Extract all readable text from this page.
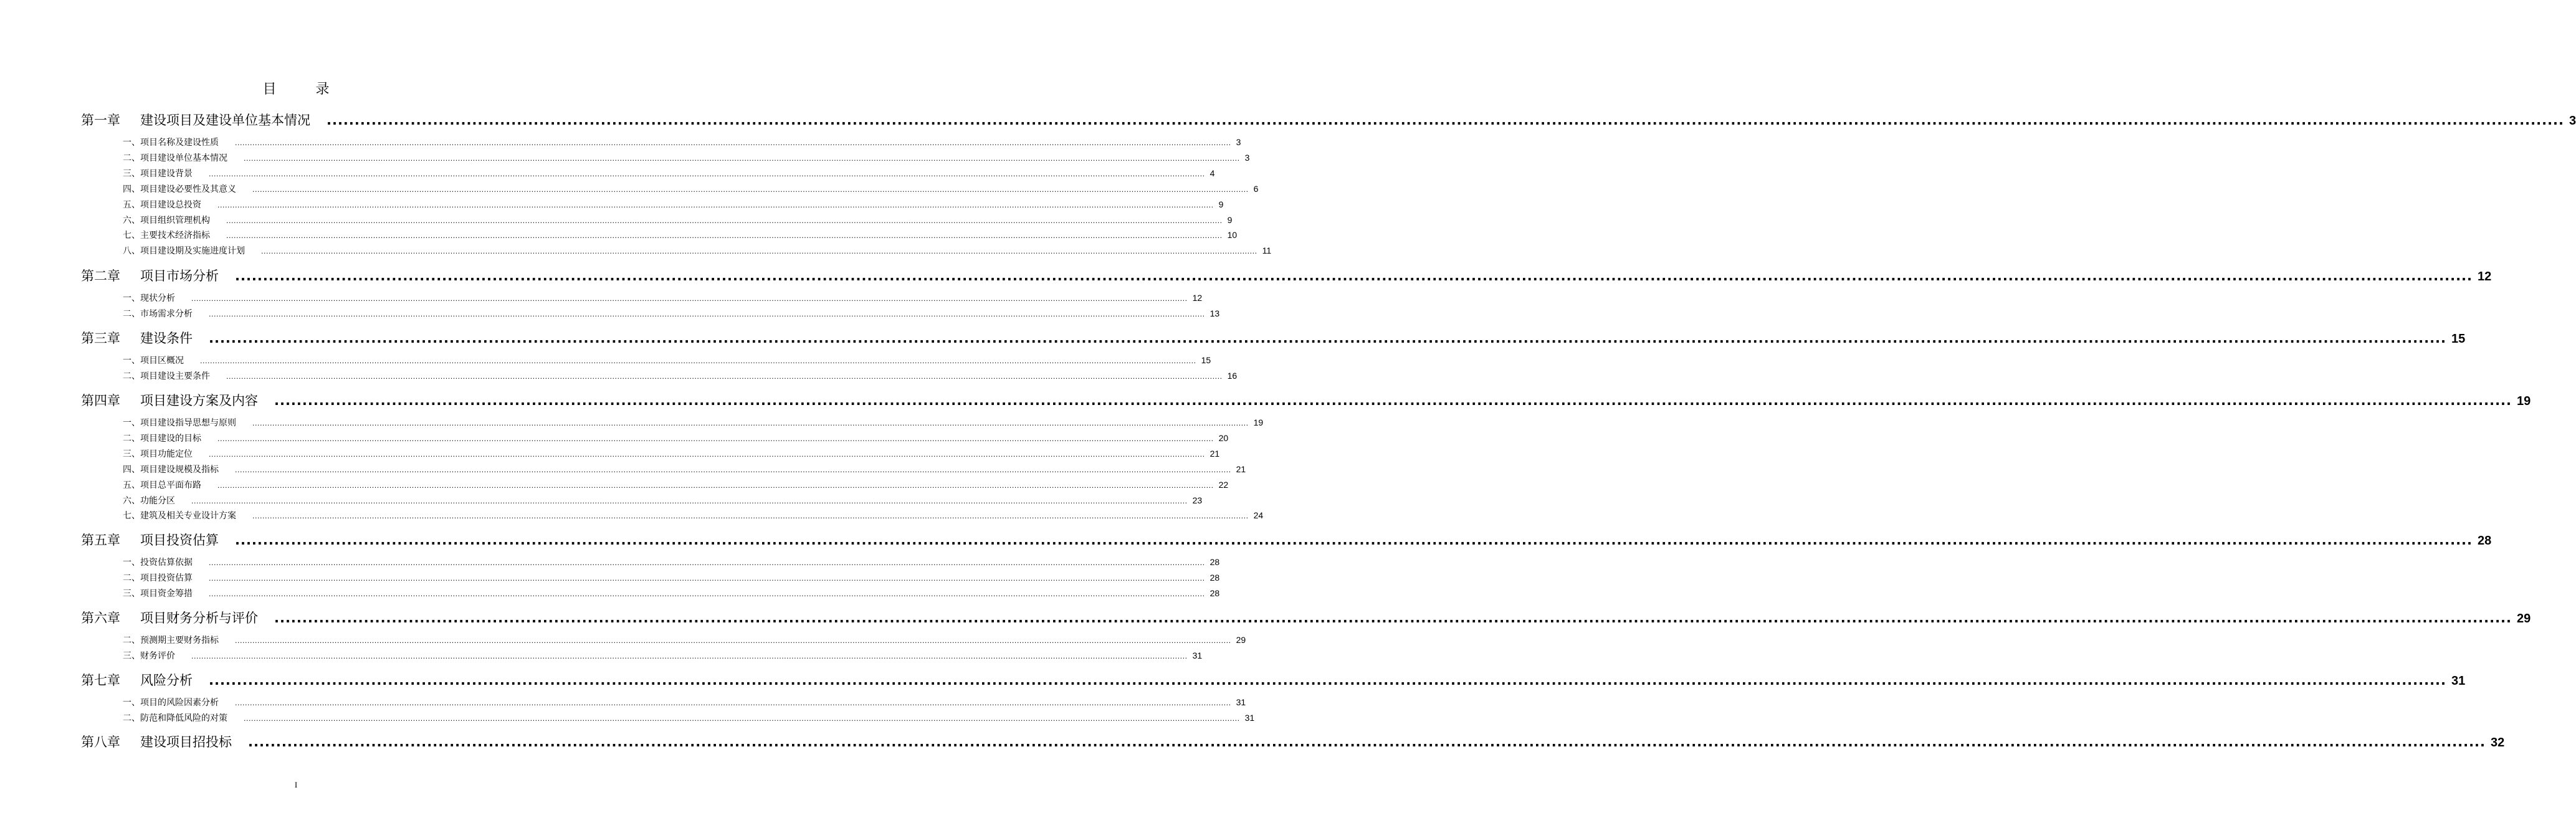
目 录
第一章	建设项目及建设单位基本情况 ................................................................................................................................................................................................................................................................................................................................................................................................................ 3
一、项目名称及建设性质 ................................................................................................................................................................................................................................................................................................................................................................................................................ 3
二、项目建设单位基本情况 ................................................................................................................................................................................................................................................................................................................................................................................................................ 3
三、项目建设背景 ................................................................................................................................................................................................................................................................................................................................................................................................................ 4
四、项目建设必要性及其意义 ................................................................................................................................................................................................................................................................................................................................................................................................................ 6
五、项目建设总投资 ................................................................................................................................................................................................................................................................................................................................................................................................................ 9
六、项目组织管理机构 ................................................................................................................................................................................................................................................................................................................................................................................................................ 9
七、主要技术经济指标 ................................................................................................................................................................................................................................................................................................................................................................................................................ 10
八、项目建设期及实施进度计划 ................................................................................................................................................................................................................................................................................................................................................................................................................ 11
第二章	项目市场分析 ................................................................................................................................................................................................................................................................................................................................................................................................................ 12
一、现状分析 ................................................................................................................................................................................................................................................................................................................................................................................................................ 12
二、市场需求分析 ................................................................................................................................................................................................................................................................................................................................................................................................................ 13
第三章	建设条件 ................................................................................................................................................................................................................................................................................................................................................................................................................ 15
一、项目区概况 ................................................................................................................................................................................................................................................................................................................................................................................................................ 15
二、项目建设主要条件 ................................................................................................................................................................................................................................................................................................................................................................................................................ 16
第四章	项目建设方案及内容 ................................................................................................................................................................................................................................................................................................................................................................................................................ 19
一、项目建设指导思想与原则 ................................................................................................................................................................................................................................................................................................................................................................................................................ 19
二、项目建设的目标 ................................................................................................................................................................................................................................................................................................................................................................................................................ 20
三、项目功能定位 ................................................................................................................................................................................................................................................................................................................................................................................................................ 21
四、项目建设规模及指标 ................................................................................................................................................................................................................................................................................................................................................................................................................ 21
五、项目总平面布路 ................................................................................................................................................................................................................................................................................................................................................................................................................ 22
六、功能分区 ................................................................................................................................................................................................................................................................................................................................................................................................................ 23
七、建筑及相关专业设计方案 ................................................................................................................................................................................................................................................................................................................................................................................................................ 24
第五章	项目投资估算 ................................................................................................................................................................................................................................................................................................................................................................................................................ 28
一、投资估算依据 ................................................................................................................................................................................................................................................................................................................................................................................................................ 28
二、项目投资估算 ................................................................................................................................................................................................................................................................................................................................................................................................................ 28
三、项目资金筹措 ................................................................................................................................................................................................................................................................................................................................................................................................................ 28
第六章	项目财务分析与评价 ................................................................................................................................................................................................................................................................................................................................................................................................................ 29
二、预测期主要财务指标 ................................................................................................................................................................................................................................................................................................................................................................................................................ 29
三、财务评价 ................................................................................................................................................................................................................................................................................................................................................................................................................ 31
第七章	风险分析 ................................................................................................................................................................................................................................................................................................................................................................................................................ 31
一、项目的风险因素分析 ................................................................................................................................................................................................................................................................................................................................................................................................................ 31
二、防范和降低风险的对策 ................................................................................................................................................................................................................................................................................................................................................................................................................ 31
第八章	建设项目招投标 ................................................................................................................................................................................................................................................................................................................................................................................................................ 32
I
